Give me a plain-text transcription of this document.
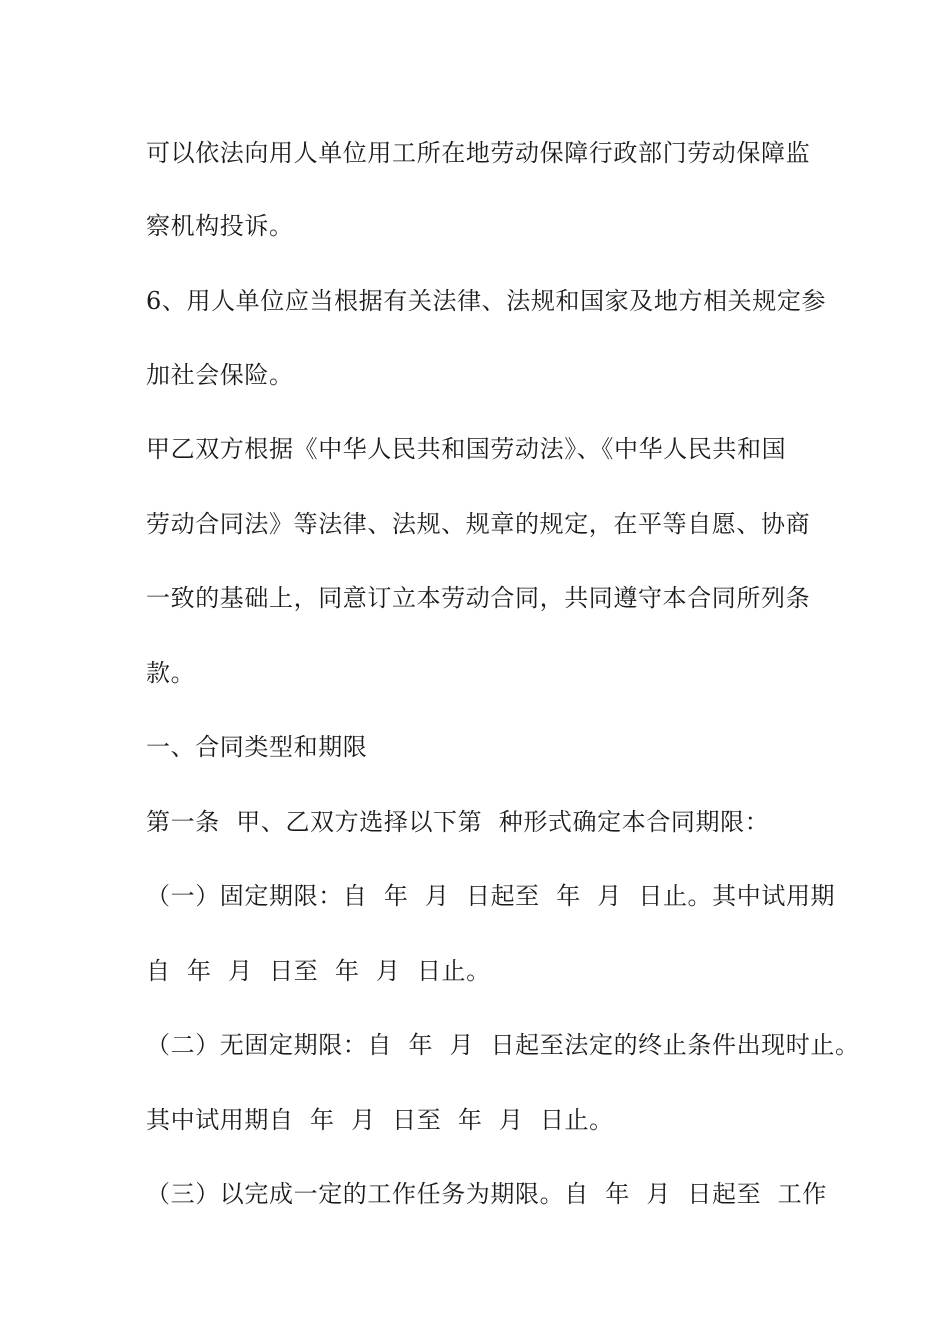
可以依法向用人单位用工所在地劳动保障行政部门劳动保障监
察机构投诉。
6、用人单位应当根据有关法律、法规和国家及地方相关规定参
加社会保险。
甲乙双方根据《中华人民共和国劳动法》、《中华人民共和国
劳动合同法》等法律、法规、规章的规定，在平等自愿、协商
一致的基础上，同意订立本劳动合同，共同遵守本合同所列条
款。
一、合同类型和期限
第一条  甲、乙双方选择以下第  种形式确定本合同期限：
（一）固定期限：自  年  月  日起至  年  月  日止。其中试用期
自  年  月  日至  年  月  日止。
（二）无固定期限：自  年  月  日起至法定的终止条件出现时止。
其中试用期自  年  月  日至  年  月  日止。
（三）以完成一定的工作任务为期限。自  年  月  日起至  工作
